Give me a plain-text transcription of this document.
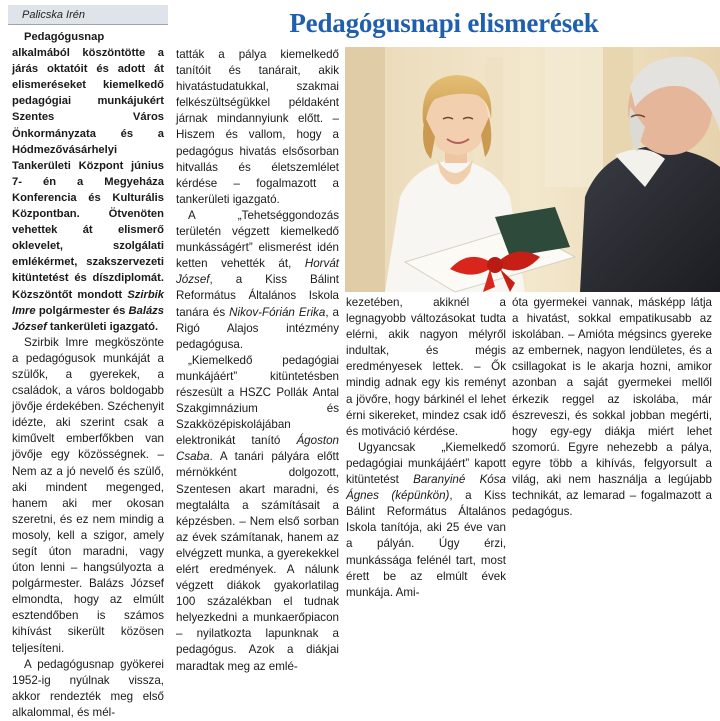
Palicska Irén	Pedagógusnapi elismerések

Pedagógusnap alkalmából köszöntötte a járás oktatóit és adott át elismeréseket kiemelkedő pedagógiai munkájukért Szentes Város Önkormányzata és a Hódmezővásárhelyi Tankerületi Központ június 7- én a Megyeháza Konferencia és Kulturális Központban. Ötvenöten vehettek át elismerő oklevelet, szolgálati emlékérmet, szakszervezeti kitüntetést és díszdiplomát. Közszöntőt mondott Szirbik Imre polgármester és Balázs József tankerületi igazgató.

Szirbik Imre megköszönte a pedagógusok munkáját a szülők, a gyerekek, a családok, a város boldogabb jövője érdekében. Széchenyit idézte, aki szerint csak a kiművelt emberfőkben van jövője egy közösségnek. – Nem az a jó nevelő és szülő, aki mindent megenged, hanem aki mer okosan szeretni, és ez nem mindig a mosoly, kell a szigor, amely segít úton maradni, vagy úton lenni – hangsúlyozta a polgármester. Balázs József elmondta, hogy az elmúlt esztendőben is számos kihívást sikerült közösen teljesíteni.

A pedagógusnap gyökerei 1952-ig nyúlnak vissza, akkor rendezték meg első alkalommal, és mél-

tatták a pálya kiemelkedő tanítóit és tanárait, akik hivatástudatukkal, szakmai felkészültségükkel példaként járnak mindannyiunk előtt. – Hiszem és vallom, hogy a pedagógus hivatás elsősorban hitvallás és életszemlélet kérdése – fogalmazott a tankerületi igazgató.

A „Tehetséggondozás területén végzett kiemelkedő munkásságért” elismerést idén ketten vehették át, Horvát József, a Kiss Bálint Református Általános Iskola tanára és Nikov-Fórián Erika, a Rigó Alajos intézmény pedagógusa.

„Kiemelkedő pedagógiai munkájáért” kitüntetésben részesült a HSZC Pollák Antal Szakgimnázium és Szakközépiskolájában elektronikát tanító Ágoston Csaba. A tanári pályára előtt mérnökként dolgozott, Szentesen akart maradni, és megtalálta a számításait a képzésben. – Nem első sorban az évek számítanak, hanem az elvégzett munka, a gyerekekkel elért eredmények. A nálunk végzett diákok gyakorlatilag 100 százalékban el tudnak helyezkedni a munkaerőpiacon – nyilatkozta lapunknak a pedagógus. Azok a diákjai maradtak meg az emlé-

kezetében, akiknél a legnagyobb változásokat tudta elérni, akik nagyon mélyről indultak, és mégis eredményesek lettek. – Ők mindig adnak egy kis reményt a jövőre, hogy bárkinél el lehet érni sikereket, mindez csak idő és motiváció kérdése.

Ugyancsak „Kiemelkedő pedagógiai munkájáért” kapott kitüntetést Baranyiné Kósa Ágnes (képünkön), a Kiss Bálint Református Általános Iskola tanítója, aki 25 éve van a pályán. Úgy érzi, munkássága felénél tart, most érett be az elmúlt évek munkája. Ami-

óta gyermekei vannak, másképp látja a hivatást, sokkal empatikusabb az iskolában. – Amióta mégsincs gyereke az embernek, nagyon lendületes, és a csillagokat is le akarja hozni, amikor azonban a saját gyermekei mellől érkezik reggel az iskolába, már észreveszi, és sokkal jobban megérti, hogy egy-egy diákja miért lehet szomorú. Egyre nehezebb a pálya, egyre több a kihívás, felgyorsult a világ, aki nem használja a legújabb technikát, az lemarad – fogalmazott a pedagógus.
